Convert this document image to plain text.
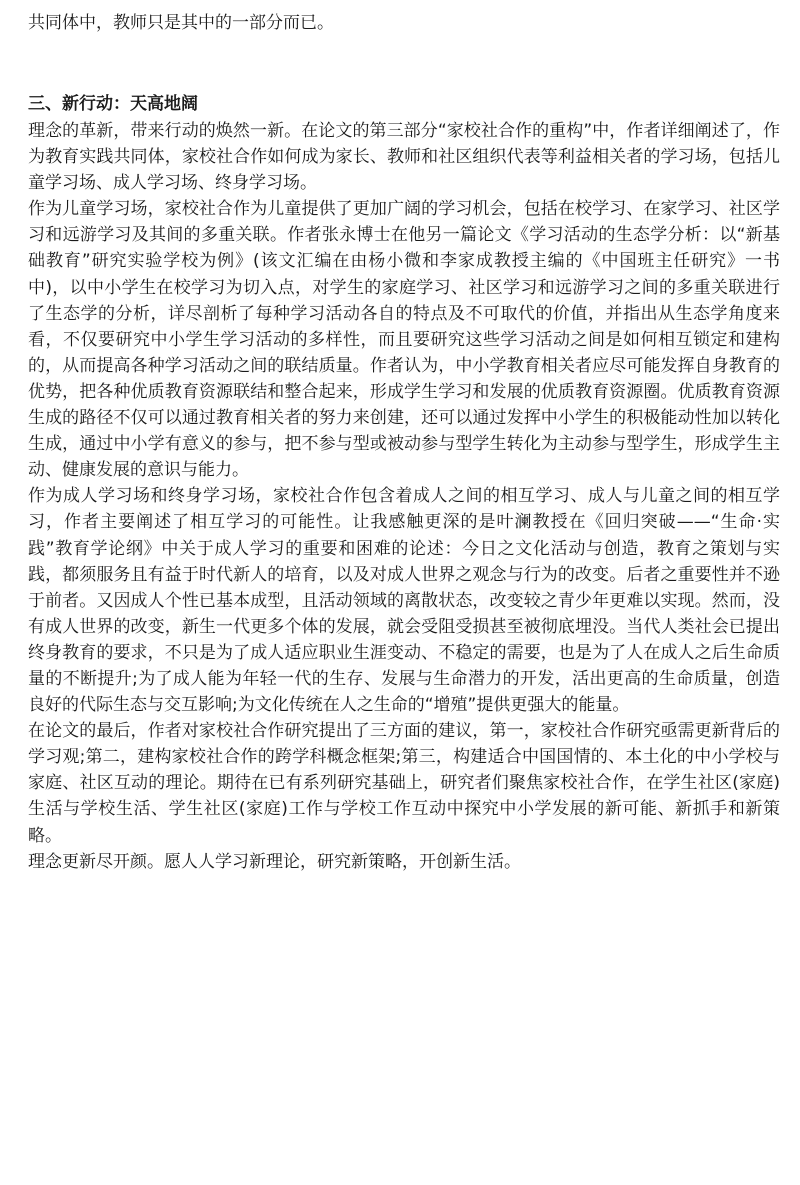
共同体中，教师只是其中的一部分而已。
三、新行动：天高地阔

理念的革新，带来行动的焕然一新。在论文的第三部分“家校社合作的重构”中，作者详细阐述了，作为教育实践共同体，家校社合作如何成为家长、教师和社区组织代表等利益相关者的学习场，包括儿童学习场、成人学习场、终身学习场。

作为儿童学习场，家校社合作为儿童提供了更加广阔的学习机会，包括在校学习、在家学习、社区学习和远游学习及其间的多重关联。作者张永博士在他另一篇论文《学习活动的生态学分析：以“新基础教育”研究实验学校为例》(该文汇编在由杨小微和李家成教授主编的《中国班主任研究》一书中)，以中小学生在校学习为切入点，对学生的家庭学习、社区学习和远游学习之间的多重关联进行了生态学的分析，详尽剖析了每种学习活动各自的特点及不可取代的价值，并指出从生态学角度来看，不仅要研究中小学生学习活动的多样性，而且要研究这些学习活动之间是如何相互锁定和建构的，从而提高各种学习活动之间的联结质量。作者认为，中小学教育相关者应尽可能发挥自身教育的优势，把各种优质教育资源联结和整合起来，形成学生学习和发展的优质教育资源圈。优质教育资源生成的路径不仅可以通过教育相关者的努力来创建，还可以通过发挥中小学生的积极能动性加以转化生成，通过中小学有意义的参与，把不参与型或被动参与型学生转化为主动参与型学生，形成学生主动、健康发展的意识与能力。

作为成人学习场和终身学习场，家校社合作包含着成人之间的相互学习、成人与儿童之间的相互学习，作者主要阐述了相互学习的可能性。让我感触更深的是叶澜教授在《回归突破——“生命·实践”教育学论纲》中关于成人学习的重要和困难的论述：今日之文化活动与创造，教育之策划与实践，都须服务且有益于时代新人的培育，以及对成人世界之观念与行为的改变。后者之重要性并不逊于前者。又因成人个性已基本成型，且活动领域的离散状态，改变较之青少年更难以实现。然而，没有成人世界的改变，新生一代更多个体的发展，就会受阻受损甚至被彻底埋没。当代人类社会已提出终身教育的要求，不只是为了成人适应职业生涯变动、不稳定的需要，也是为了人在成人之后生命质量的不断提升;为了成人能为年轻一代的生存、发展与生命潜力的开发，活出更高的生命质量，创造良好的代际生态与交互影响;为文化传统在人之生命的“增殖”提供更强大的能量。

在论文的最后，作者对家校社合作研究提出了三方面的建议，第一，家校社合作研究亟需更新背后的学习观;第二，建构家校社合作的跨学科概念框架;第三，构建适合中国国情的、本土化的中小学校与家庭、社区互动的理论。期待在已有系列研究基础上，研究者们聚焦家校社合作，在学生社区(家庭)生活与学校生活、学生社区(家庭)工作与学校工作互动中探究中小学发展的新可能、新抓手和新策略。

理念更新尽开颜。愿人人学习新理论，研究新策略，开创新生活。
